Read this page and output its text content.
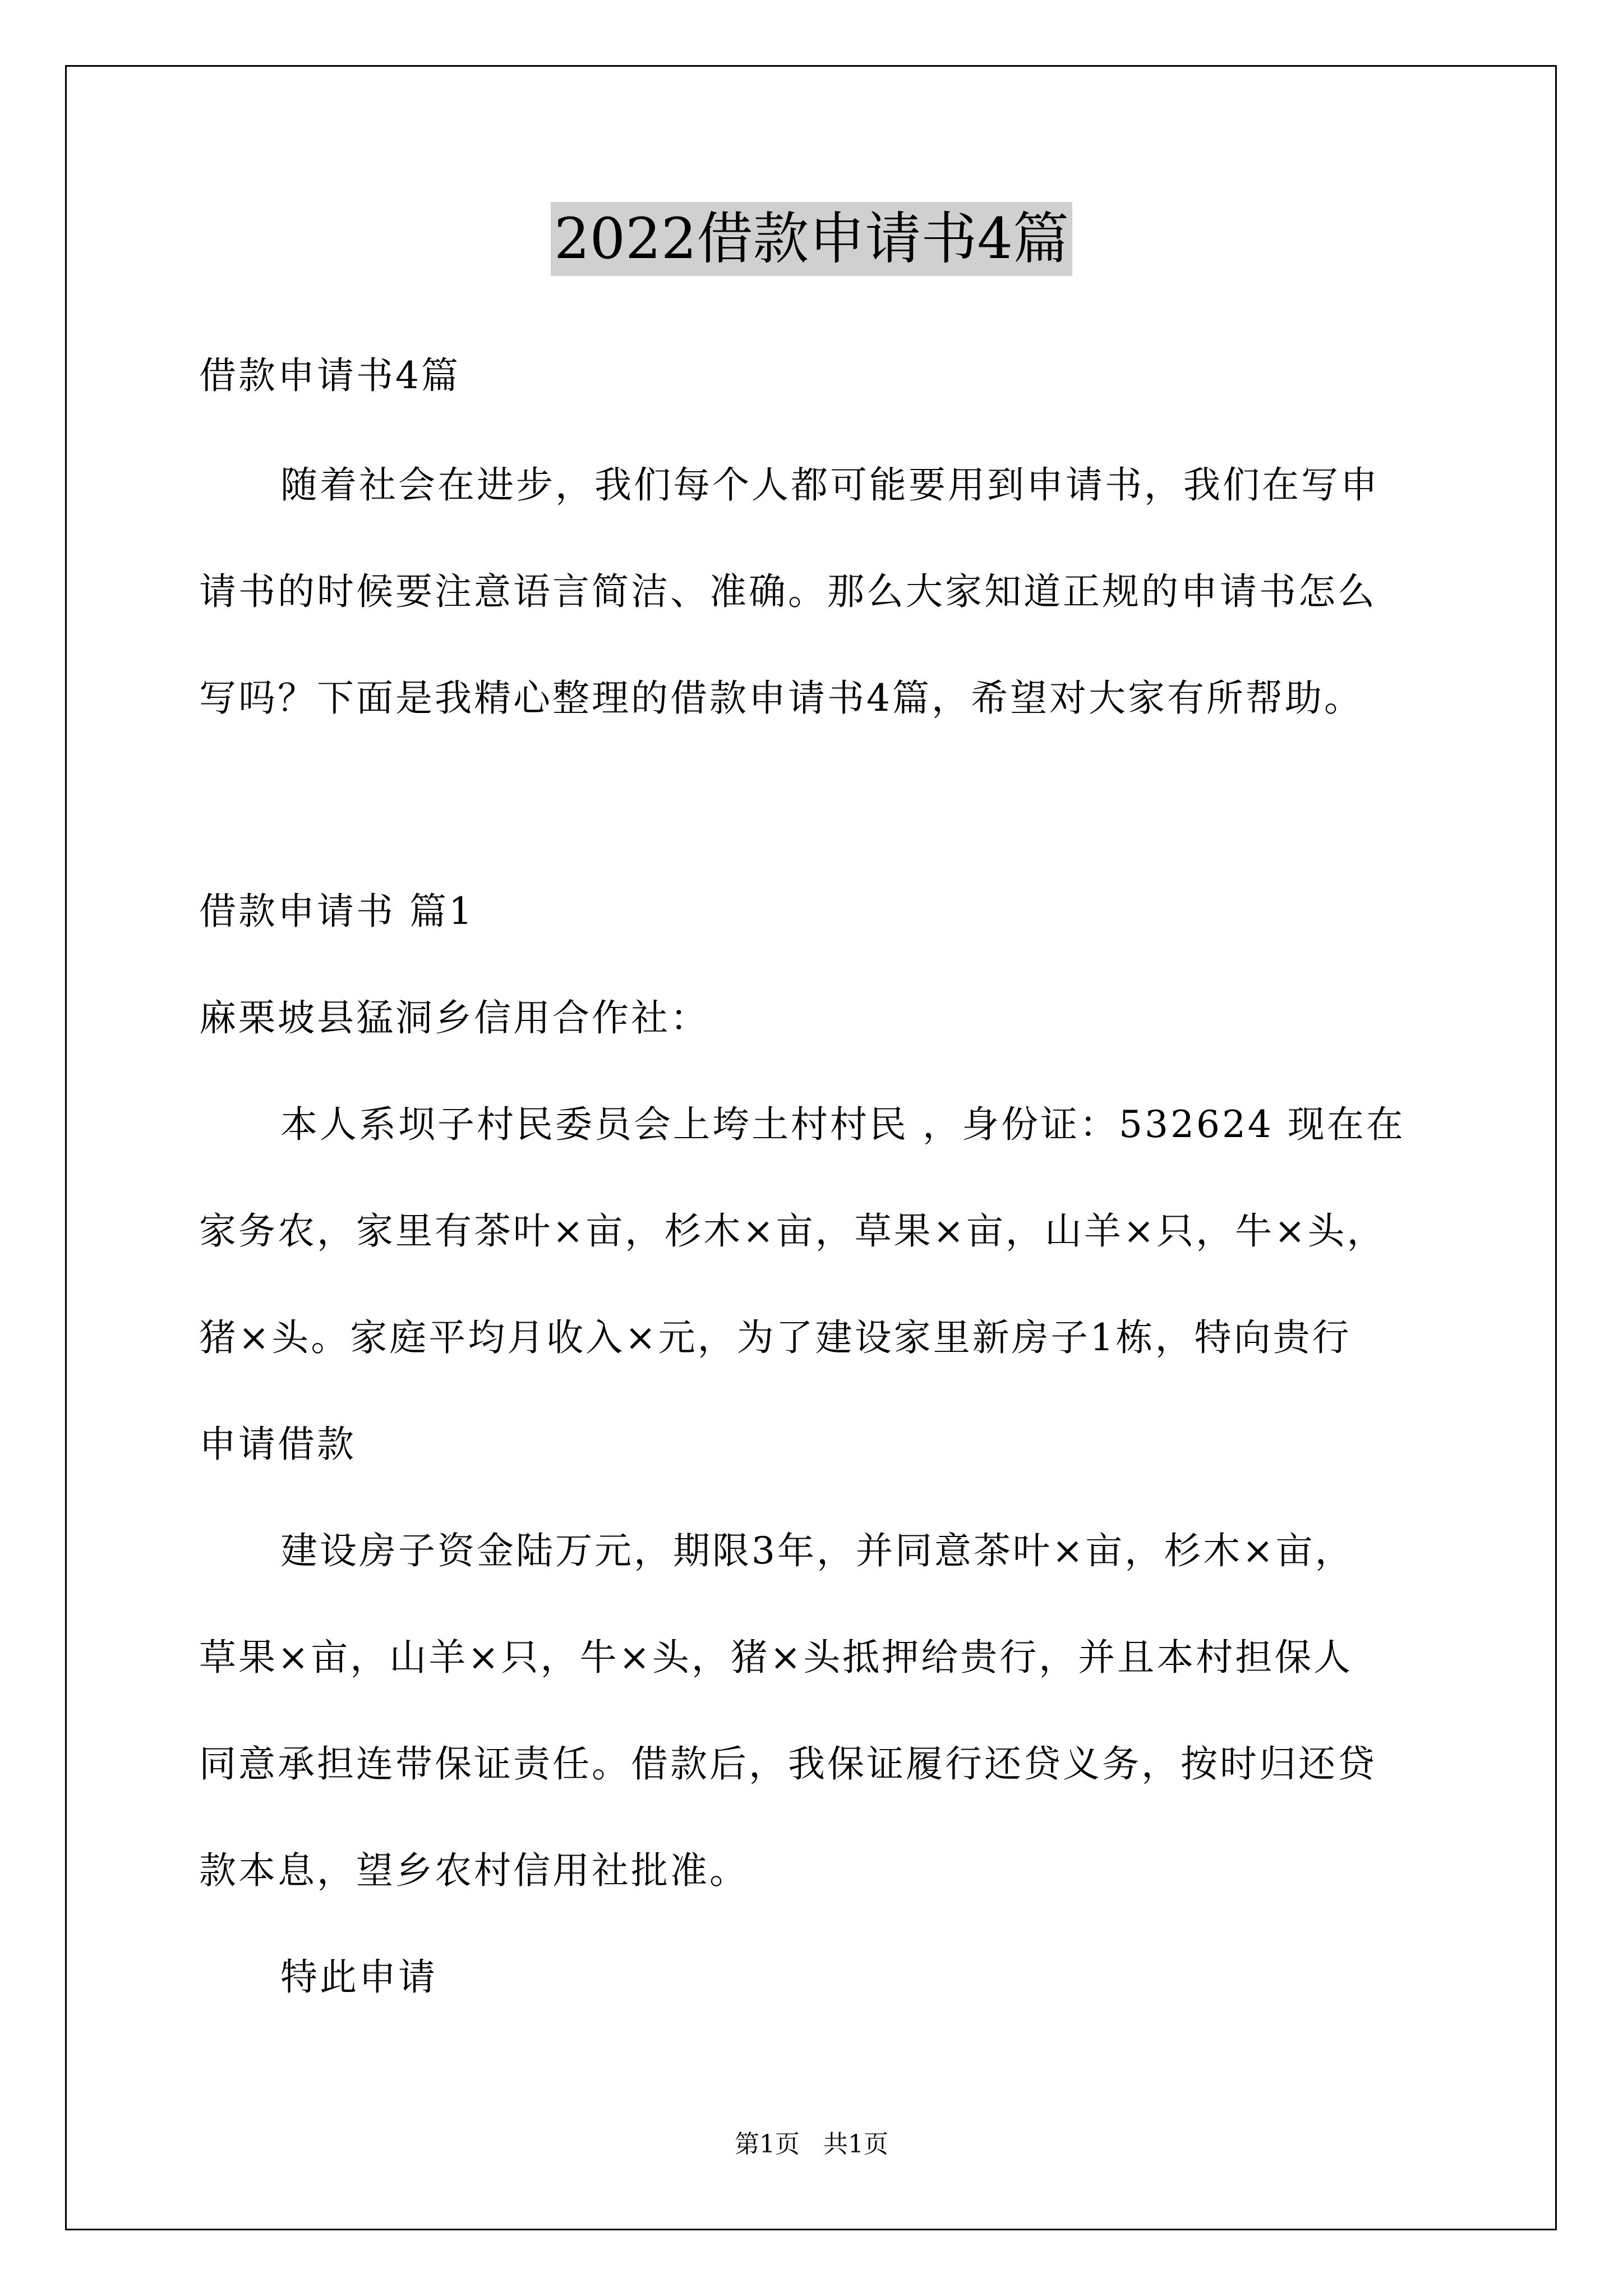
2022借款申请书4篇
借款申请书4篇
随着社会在进步，我们每个人都可能要用到申请书，我们在写申
请书的时候要注意语言简洁、准确。那么大家知道正规的申请书怎么
写吗？下面是我精心整理的借款申请书4篇，希望对大家有所帮助。
借款申请书 篇1
麻栗坡县猛洞乡信用合作社：
本人系坝子村民委员会上垮土村村民 ，身份证：532624 现在在
家务农，家里有茶叶×亩，杉木×亩，草果×亩，山羊×只，牛×头，
猪×头。家庭平均月收入×元，为了建设家里新房子1栋，特向贵行
申请借款
建设房子资金陆万元，期限3年，并同意茶叶×亩，杉木×亩，
草果×亩，山羊×只，牛×头，猪×头抵押给贵行，并且本村担保人
同意承担连带保证责任。借款后，我保证履行还贷义务，按时归还贷
款本息，望乡农村信用社批准。
特此申请
第1页 共1页
